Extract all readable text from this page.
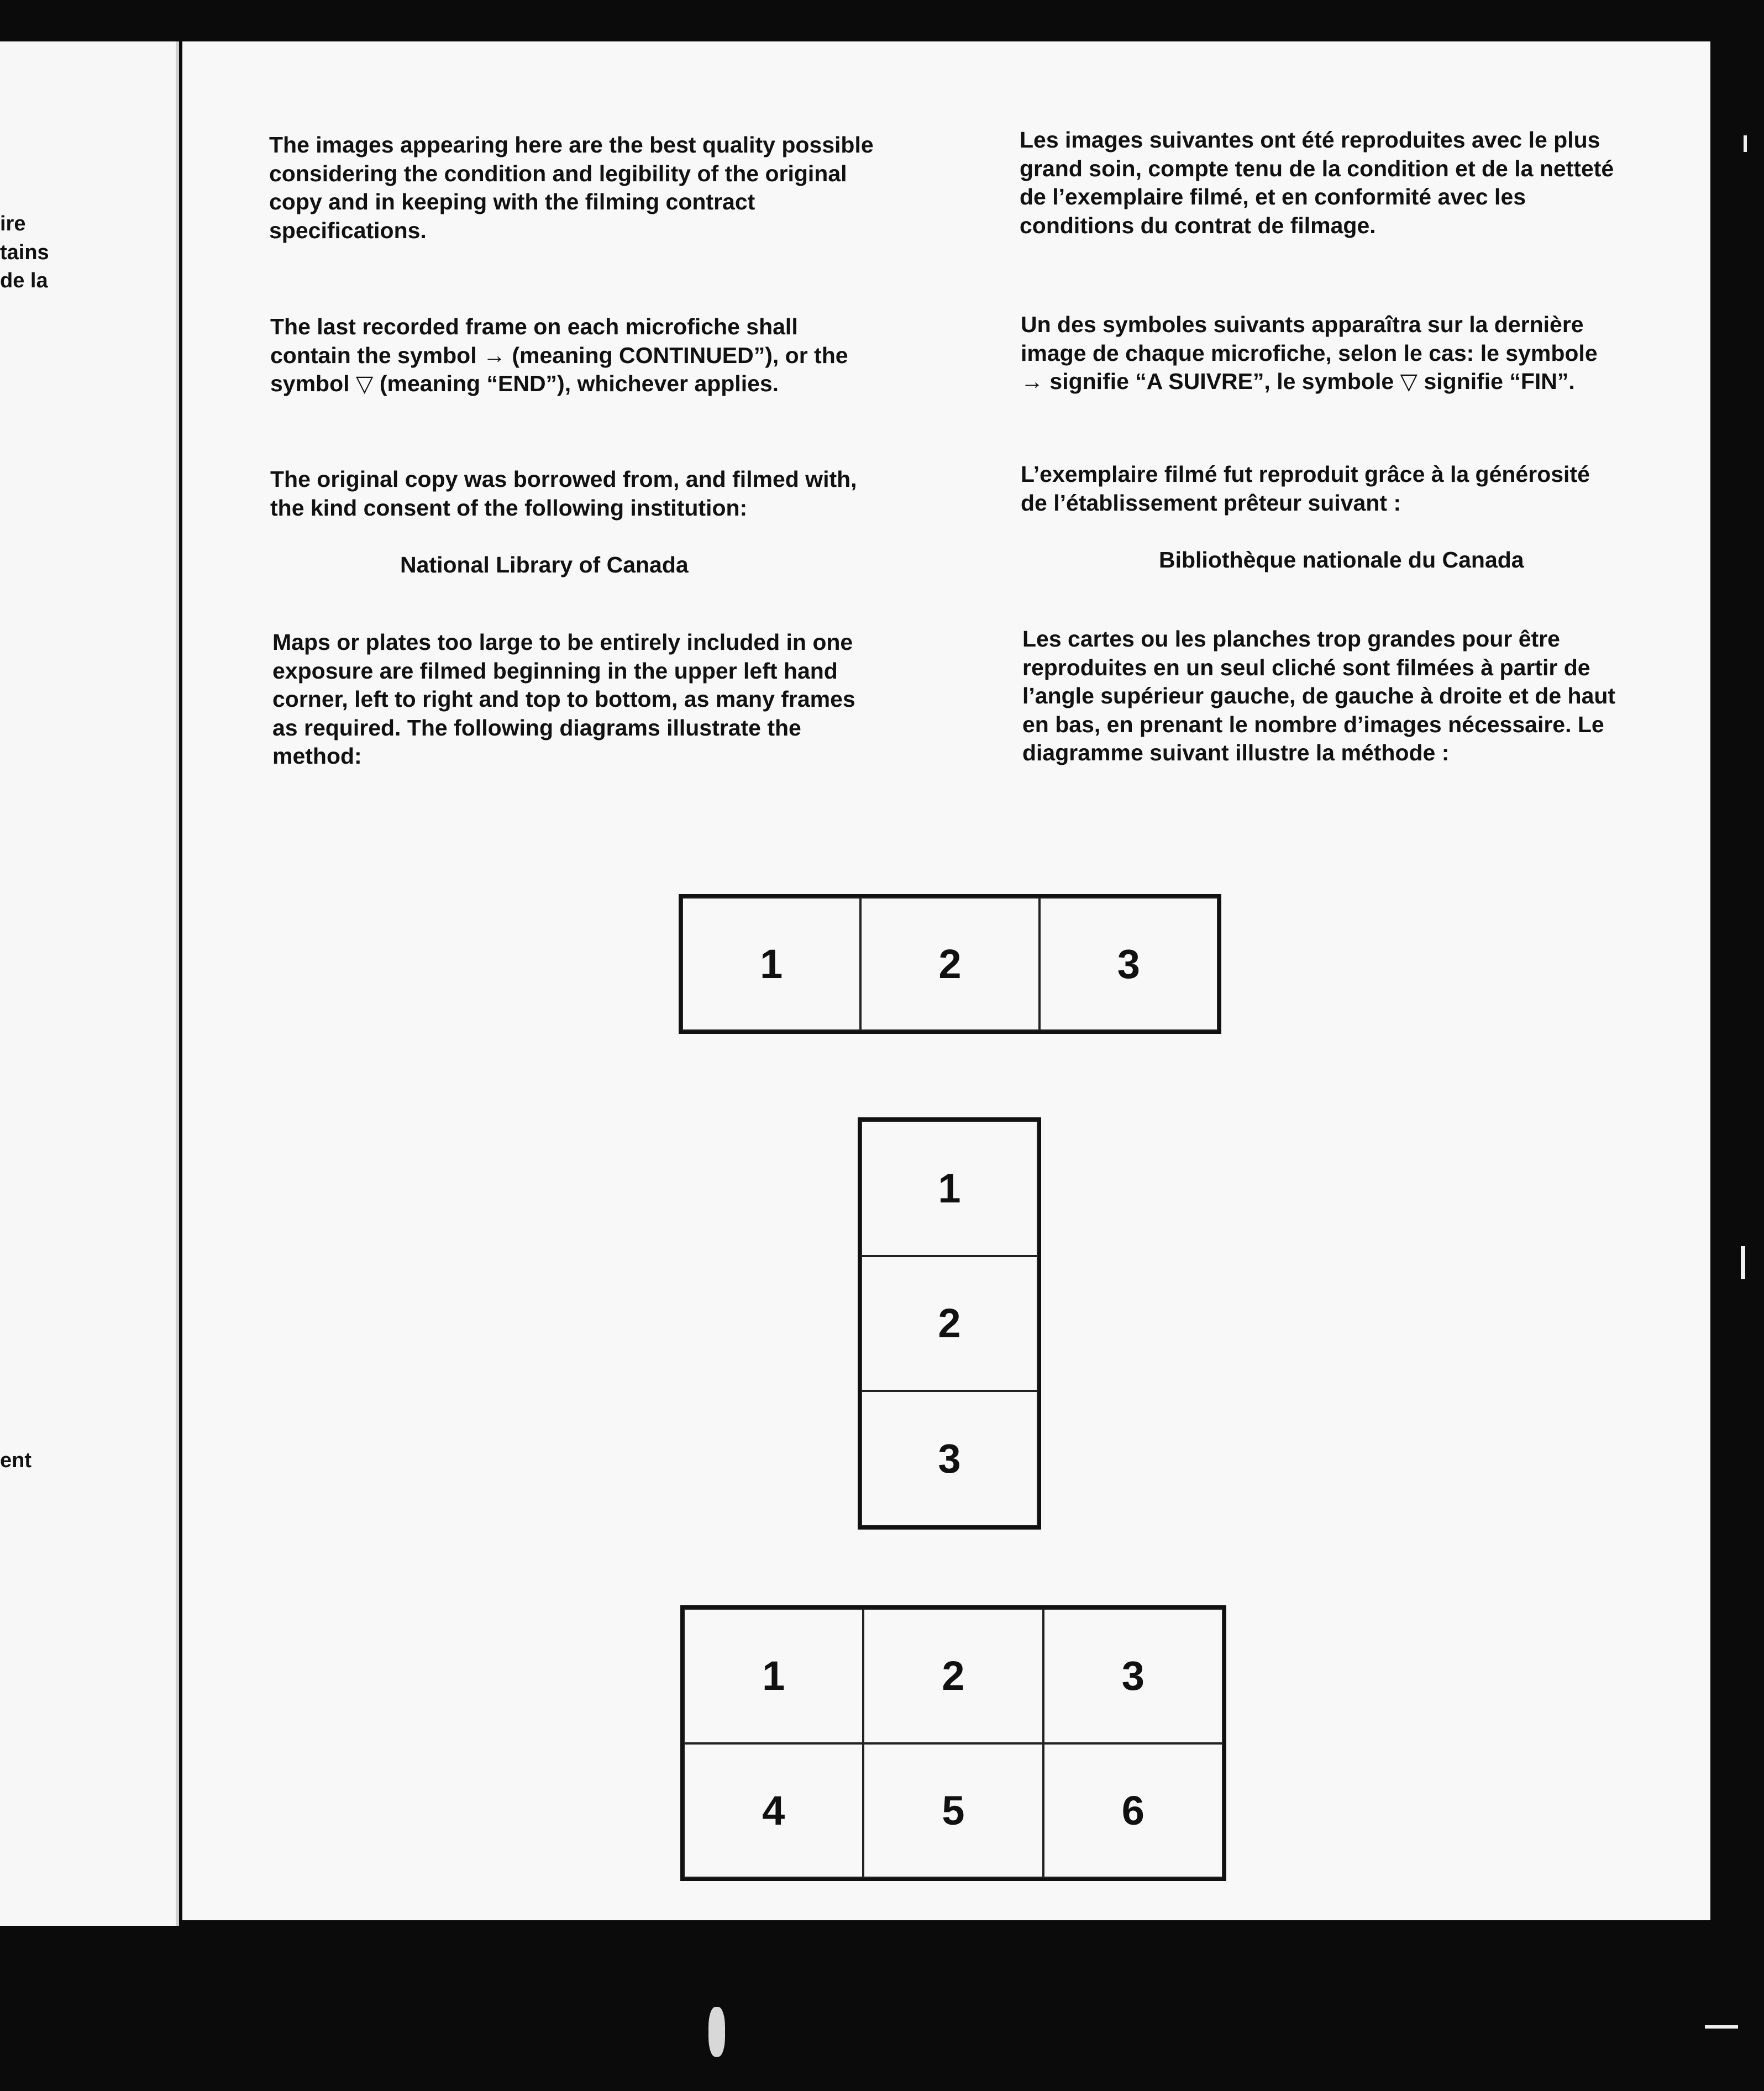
ire
tains
de la
ent

The images appearing here are the best quality possible considering the condition and legibility of the original copy and in keeping with the filming contract specifications.

The last recorded frame on each microfiche shall contain the symbol → (meaning CONTINUED”), or the symbol ▽ (meaning “END”), whichever applies.

The original copy was borrowed from, and filmed with, the kind consent of the following institution:

National Library of Canada

Maps or plates too large to be entirely included in one exposure are filmed beginning in the upper left hand corner, left to right and top to bottom, as many frames as required. The following diagrams illustrate the method:

Les images suivantes ont été reproduites avec le plus grand soin, compte tenu de la condition et de la netteté de l’exemplaire filmé, et en conformité avec les conditions du contrat de filmage.

Un des symboles suivants apparaîtra sur la dernière image de chaque microfiche, selon le cas: le symbole → signifie “A SUIVRE”, le symbole ▽ signifie “FIN”.

L’exemplaire filmé fut reproduit grâce à la générosité de l’établissement prêteur suivant :

Bibliothèque nationale du Canada

Les cartes ou les planches trop grandes pour être reproduites en un seul cliché sont filmées à partir de l’angle supérieur gauche, de gauche à droite et de haut en bas, en prenant le nombre d’images nécessaire. Le diagramme suivant illustre la méthode :

1	2	3
1
2
3
1	2	3
4	5	6
